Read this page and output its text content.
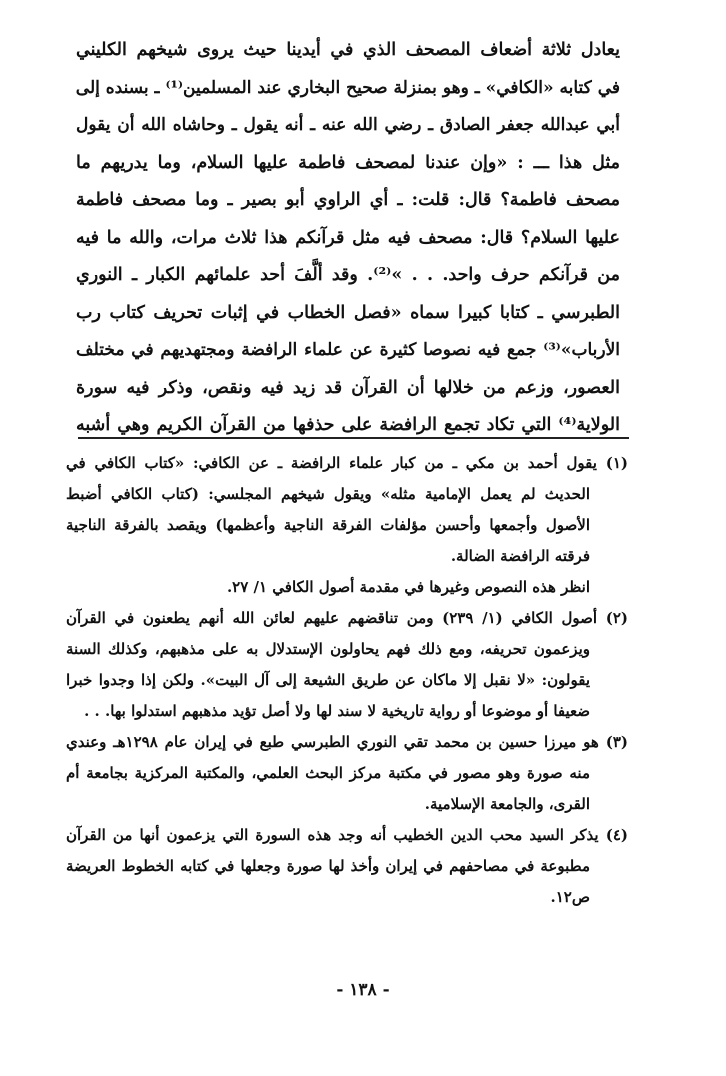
يعادل ثلاثة أضعاف المصحف الذي في أيدينا حيث يروى شيخهم الكليني
في كتابه «الكافي» ـ وهو بمنزلة صحيح البخاري عند المسلمين⁽¹⁾ ـ بسنده إلى
أبي عبدالله جعفر الصادق ـ رضي الله عنه ـ أنه يقول ـ وحاشاه الله أن يقول
مثل هذا ـــ : «وإن عندنا لمصحف فاطمة عليها السلام، وما يدريهم ما
مصحف فاطمة؟ قال: قلت: ـ أي الراوي أبو بصير ـ وما مصحف فاطمة
عليها السلام؟ قال: مصحف فيه مثل قرآنكم هذا ثلاث مرات، والله ما فيه
من قرآنكم حرف واحد. . . »⁽²⁾. وقد ألَّفَ أحد علمائهم الكبار ـ النوري
الطبرسي ـ كتابا كبيرا سماه «فصل الخطاب في إثبات تحريف كتاب رب
الأرباب»⁽³⁾ جمع فيه نصوصا كثيرة عن علماء الرافضة ومجتهديهم في مختلف
العصور، وزعم من خلالها أن القرآن قد زيد فيه ونقص، وذكر فيه سورة
الولاية⁽⁴⁾ التي تكاد تجمع الرافضة على حذفها من القرآن الكريم وهي أشبه
(١) يقول أحمد بن مكي ـ من كبار علماء الرافضة ـ عن الكافي: «كتاب الكافي في
الحديث لم يعمل الإمامية مثله» ويقول شيخهم المجلسي: (كتاب الكافي أضبط
الأصول وأجمعها وأحسن مؤلفات الفرقة الناجية وأعظمها) ويقصد بالفرقة الناجية
فرقته الرافضة الضالة.
انظر هذه النصوص وغيرها في مقدمة أصول الكافي ١/ ٢٧.
(٢) أصول الكافي (١/ ٢٣٩) ومن تناقضهم عليهم لعائن الله أنهم يطعنون في القرآن
ويزعمون تحريفه، ومع ذلك فهم يحاولون الإستدلال به على مذهبهم، وكذلك السنة
يقولون: «لا نقبل إلا ماكان عن طريق الشيعة إلى آل البيت». ولكن إذا وجدوا خبرا
ضعيفا أو موضوعا أو رواية تاريخية لا سند لها ولا أصل تؤيد مذهبهم استدلوا بها. . .
(٣) هو ميرزا حسين بن محمد تقي النوري الطبرسي طبع في إيران عام ١٢٩٨هـ وعندي
منه صورة وهو مصور في مكتبة مركز البحث العلمي، والمكتبة المركزية بجامعة أم
القرى، والجامعة الإسلامية.
(٤) يذكر السيد محب الدين الخطيب أنه وجد هذه السورة التي يزعمون أنها من القرآن
مطبوعة في مصاحفهم في إيران وأخذ لها صورة وجعلها في كتابه الخطوط العريضة
ص١٢.
- ١٣٨ -
